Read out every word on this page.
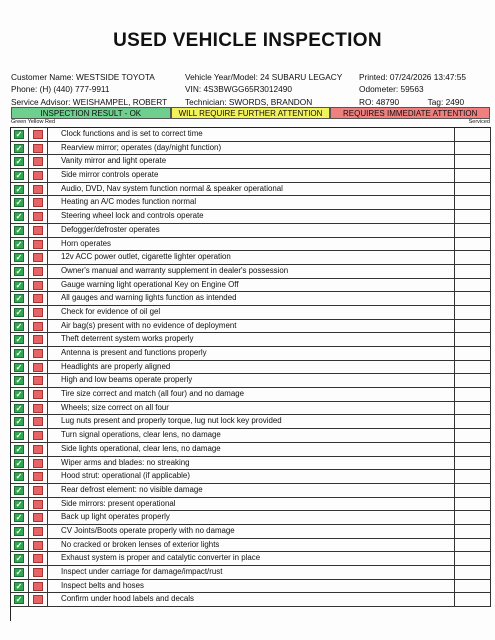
USED VEHICLE INSPECTION
Customer Name: WESTSIDE TOYOTA
Phone: (H) (440) 777-9911
Service Advisor: WEISHAMPEL, ROBERT
Vehicle Year/Model: 24 SUBARU LEGACY
VIN: 4S3BWGG65R3012490
Technician: SWORDS, BRANDON
Printed: 07/24/2026 13:47:55
Odometer: 59563
RO: 48790	Tag: 2490
INSPECTION RESULT - OK	WILL REQUIRE FURTHER ATTENTION	REQUIRES IMMEDIATE ATTENTION
Green Yellow Red	Serviced
✓	Clock functions and is set to correct time
✓	Rearview mirror; operates (day/night function)
✓	Vanity mirror and light operate
✓	Side mirror controls operate
✓	Audio, DVD, Nav system function normal & speaker operational
✓	Heating an A/C modes function normal
✓	Steering wheel lock and controls operate
✓	Defogger/defroster operates
✓	Horn operates
✓	12v ACC power outlet, cigarette lighter operation
✓	Owner's manual and warranty supplement in dealer's possession
✓	Gauge warning light operational Key on Engine Off
✓	All gauges and warning lights function as intended
✓	Check for evidence of oil gel
✓	Air bag(s) present with no evidence of deployment
✓	Theft deterrent system works properly
✓	Antenna is present and functions properly
✓	Headlights are properly aligned
✓	High and low beams operate properly
✓	Tire size correct and match (all four) and no damage
✓	Wheels; size correct on all four
✓	Lug nuts present and properly torque, lug nut lock key provided
✓	Turn signal operations, clear lens, no damage
✓	Side lights operational, clear lens, no damage
✓	Wiper arms and blades: no streaking
✓	Hood strut: operational (if applicable)
✓	Rear defrost element: no visible damage
✓	Side mirrors: present operational
✓	Back up light operates properly
✓	CV Joints/Boots operate properly with no damage
✓	No cracked or broken lenses of exterior lights
✓	Exhaust system is proper and catalytic converter in place
✓	Inspect under carriage for damage/impact/rust
✓	Inspect belts and hoses
✓	Confirm under hood labels and decals
